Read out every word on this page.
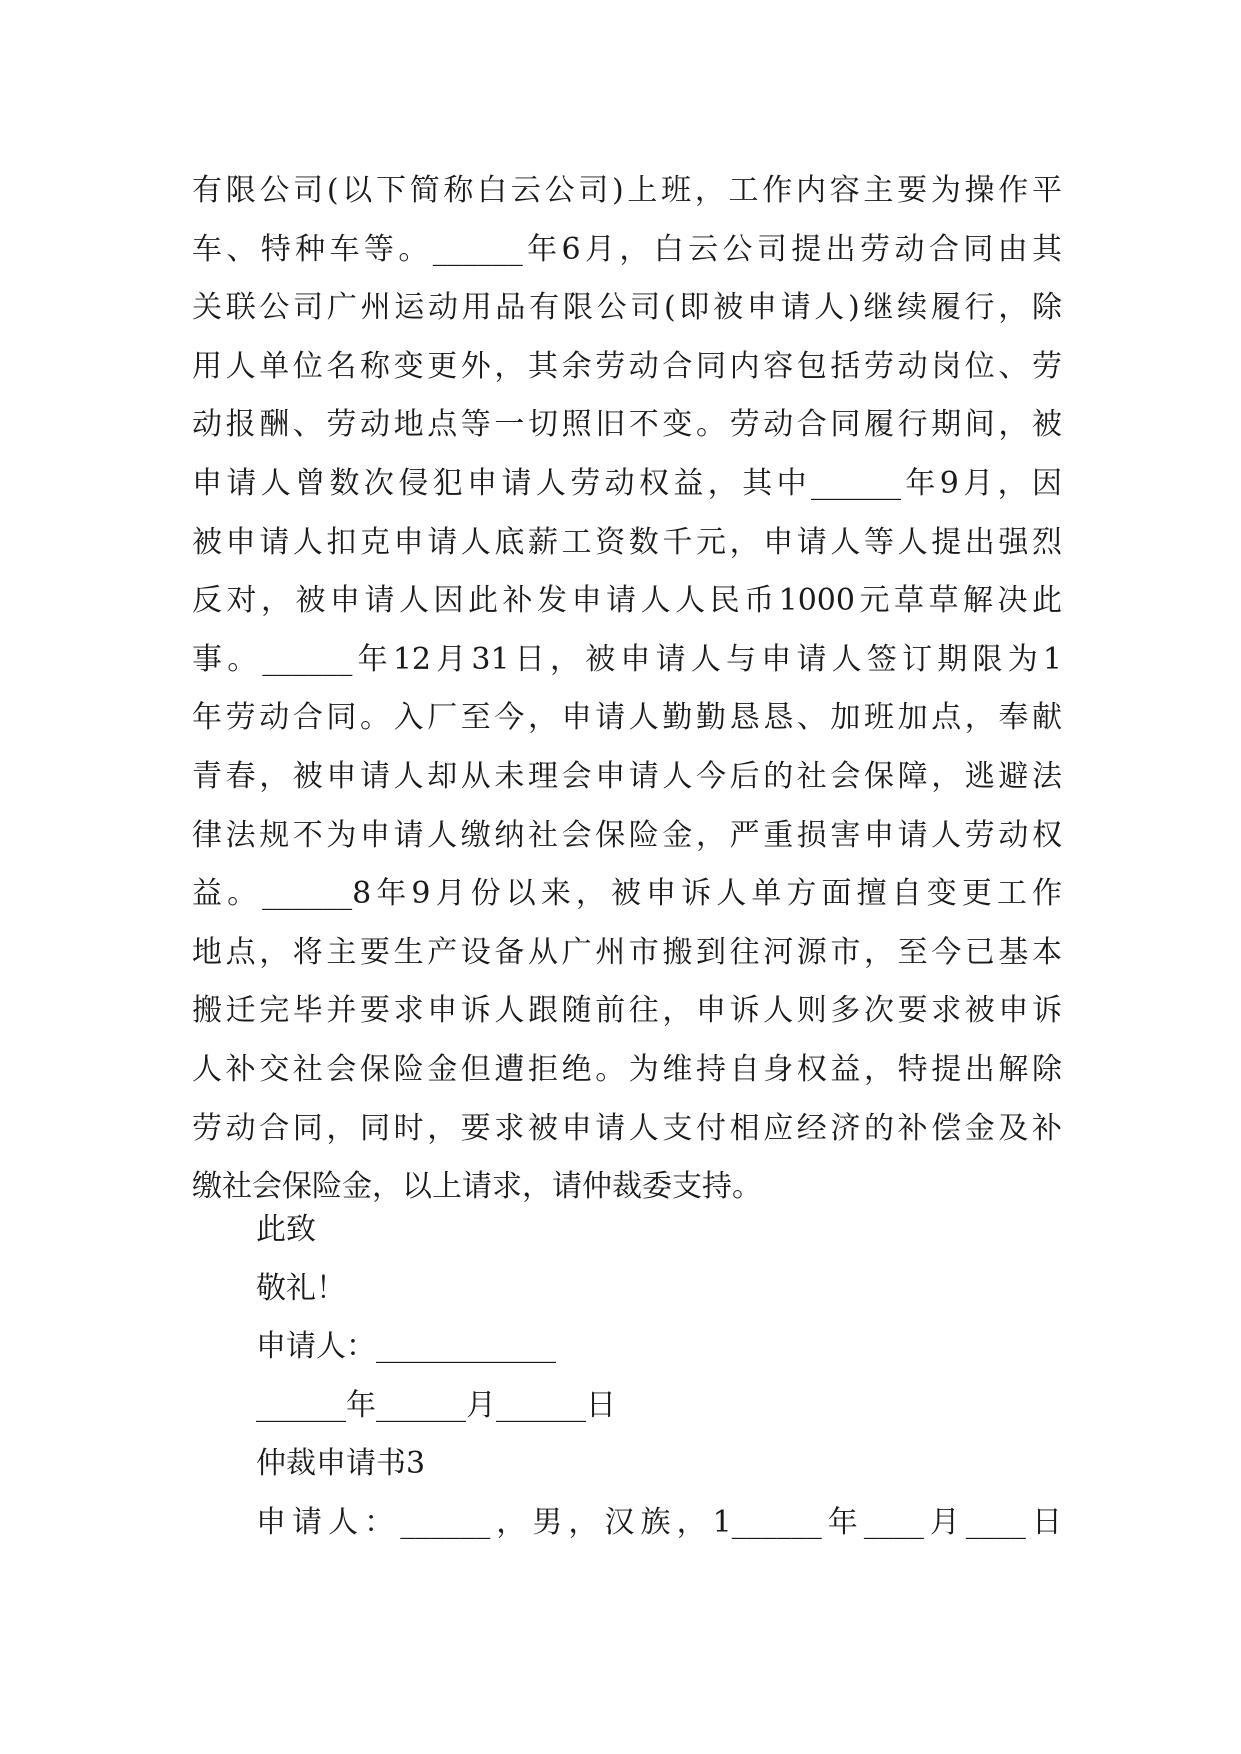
有限公司(以下简称白云公司)上班，工作内容主要为操作平
车、特种车等。______年6月，白云公司提出劳动合同由其
关联公司广州运动用品有限公司(即被申请人)继续履行，除
用人单位名称变更外，其余劳动合同内容包括劳动岗位、劳
动报酬、劳动地点等一切照旧不变。劳动合同履行期间，被
申请人曾数次侵犯申请人劳动权益，其中______年9月，因
被申请人扣克申请人底薪工资数千元，申请人等人提出强烈
反对，被申请人因此补发申请人人民币1000元草草解决此
事。______年12月31日，被申请人与申请人签订期限为1
年劳动合同。入厂至今，申请人勤勤恳恳、加班加点，奉献
青春，被申请人却从未理会申请人今后的社会保障，逃避法
律法规不为申请人缴纳社会保险金，严重损害申请人劳动权
益。______8年9月份以来，被申诉人单方面擅自变更工作
地点，将主要生产设备从广州市搬到往河源市，至今已基本
搬迁完毕并要求申诉人跟随前往，申诉人则多次要求被申诉
人补交社会保险金但遭拒绝。为维持自身权益，特提出解除
劳动合同，同时，要求被申请人支付相应经济的补偿金及补
缴社会保险金，以上请求，请仲裁委支持。
此致
敬礼！
申请人：____________
______年______月______日
仲裁申请书3
申请人：______，男，汉族，1______年____月____日
